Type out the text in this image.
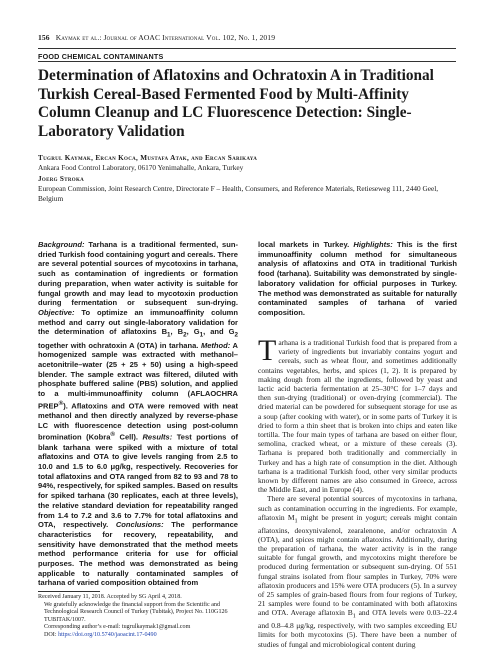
156 Kaymak et al.: Journal of AOAC International Vol. 102, No. 1, 2019
FOOD CHEMICAL CONTAMINANTS
Determination of Aflatoxins and Ochratoxin A in Traditional Turkish Cereal-Based Fermented Food by Multi-Affinity Column Cleanup and LC Fluorescence Detection: Single-Laboratory Validation
Tugrul Kaymak, Ercan Koca, Mustafa Atak, and Ercan Sarikaya
Ankara Food Control Laboratory, 06170 Yenimahalle, Ankara, Turkey
Joerg Stroka
European Commission, Joint Research Centre, Directorate F – Health, Consumers, and Reference Materials, Retieseweg 111, 2440 Geel, Belgium

Background: Tarhana is a traditional fermented, sun-dried Turkish food containing yogurt and cereals. There are several potential sources of mycotoxins in tarhana, such as contamination of ingredients or formation during preparation, when water activity is suitable for fungal growth and may lead to mycotoxin production during fermentation or subsequent sun-drying. Objective: To optimize an immunoaffinity column method and carry out single-laboratory validation for the determination of aflatoxins $B_1$, $B_2$, $G_1$, and $G_2$ together with ochratoxin A (OTA) in tarhana. Method: A homogenized sample was extracted with methanol–acetonitrile–water (25 + 25 + 50) using a high-speed blender. The sample extract was filtered, diluted with phosphate buffered saline (PBS) solution, and applied to a multi-immunoaffinity column (AFLAOCHRA PREP®). Aflatoxins and OTA were removed with neat methanol and then directly analyzed by reverse-phase LC with fluorescence detection using post-column bromination (Kobra® Cell). Results: Test portions of blank tarhana were spiked with a mixture of total aflatoxins and OTA to give levels ranging from 2.5 to 10.0 and 1.5 to 6.0 μg/kg, respectively. Recoveries for total aflatoxins and OTA ranged from 82 to 93 and 78 to 94%, respectively, for spiked samples. Based on results for spiked tarhana (30 replicates, each at three levels), the relative standard deviation for repeatability ranged from 1.4 to 7.2 and 3.6 to 7.7% for total aflatoxins and OTA, respectively. Conclusions: The performance characteristics for recovery, repeatability, and sensitivity have demonstrated that the method meets method performance criteria for use for official purposes. The method was demonstrated as being applicable to naturally contaminated samples of tarhana of varied composition obtained from

local markets in Turkey. Highlights: This is the first immunoaffinity column method for simultaneous analysis of aflatoxins and OTA in traditional Turkish food (tarhana). Suitability was demonstrated by single-laboratory validation for official purposes in Turkey. The method was demonstrated as suitable for naturally contaminated samples of tarhana of varied composition.

Tarhana is a traditional Turkish food that is prepared from a variety of ingredients but invariably contains yogurt and cereals, such as wheat flour, and sometimes additionally contains vegetables, herbs, and spices (1, 2). It is prepared by making dough from all the ingredients, followed by yeast and lactic acid bacteria fermentation at 25–30°C for 1–7 days and then sun-drying (traditional) or oven-drying (commercial). The dried material can be powdered for subsequent storage for use as a soup (after cooking with water), or in some parts of Turkey it is dried to form a thin sheet that is broken into chips and eaten like tortilla. The four main types of tarhana are based on either flour, semolina, cracked wheat, or a mixture of these cereals (3). Tarhana is prepared both traditionally and commercially in Turkey and has a high rate of consumption in the diet. Although tarhana is a traditional Turkish food, other very similar products known by different names are also consumed in Greece, across the Middle East, and in Europe (4).

There are several potential sources of mycotoxins in tarhana, such as contamination occurring in the ingredients. For example, aflatoxin $M_1$ might be present in yogurt; cereals might contain aflatoxins, deoxynivalenol, zearalenone, and/or ochratoxin A (OTA), and spices might contain aflatoxins. Additionally, during the preparation of tarhana, the water activity is in the range suitable for fungal growth, and mycotoxins might therefore be produced during fermentation or subsequent sun-drying. Of 551 fungal strains isolated from flour samples in Turkey, 70% were aflatoxin producers and 15% were OTA producers (5). In a survey of 25 samples of grain-based flours from four regions of Turkey, 21 samples were found to be contaminated with both aflatoxins and OTA. Average aflatoxin $B_1$ and OTA levels were 0.03–22.4 and 0.8–4.8 μg/kg, respectively, with two samples exceeding EU limits for both mycotoxins (5). There have been a number of studies of fungal and microbiological content during

Received January 11, 2018. Accepted by SG April 4, 2018.
We gratefully acknowledge the financial support from the Scientific and Technological Research Council of Turkey (Tubitak), Project No. 110G126 TUBITAK/1007.
Corresponding author’s e-mail: tugrulkaymak1@gmail.com
DOI: https://doi.org/10.5740/jaoacint.17-0490
